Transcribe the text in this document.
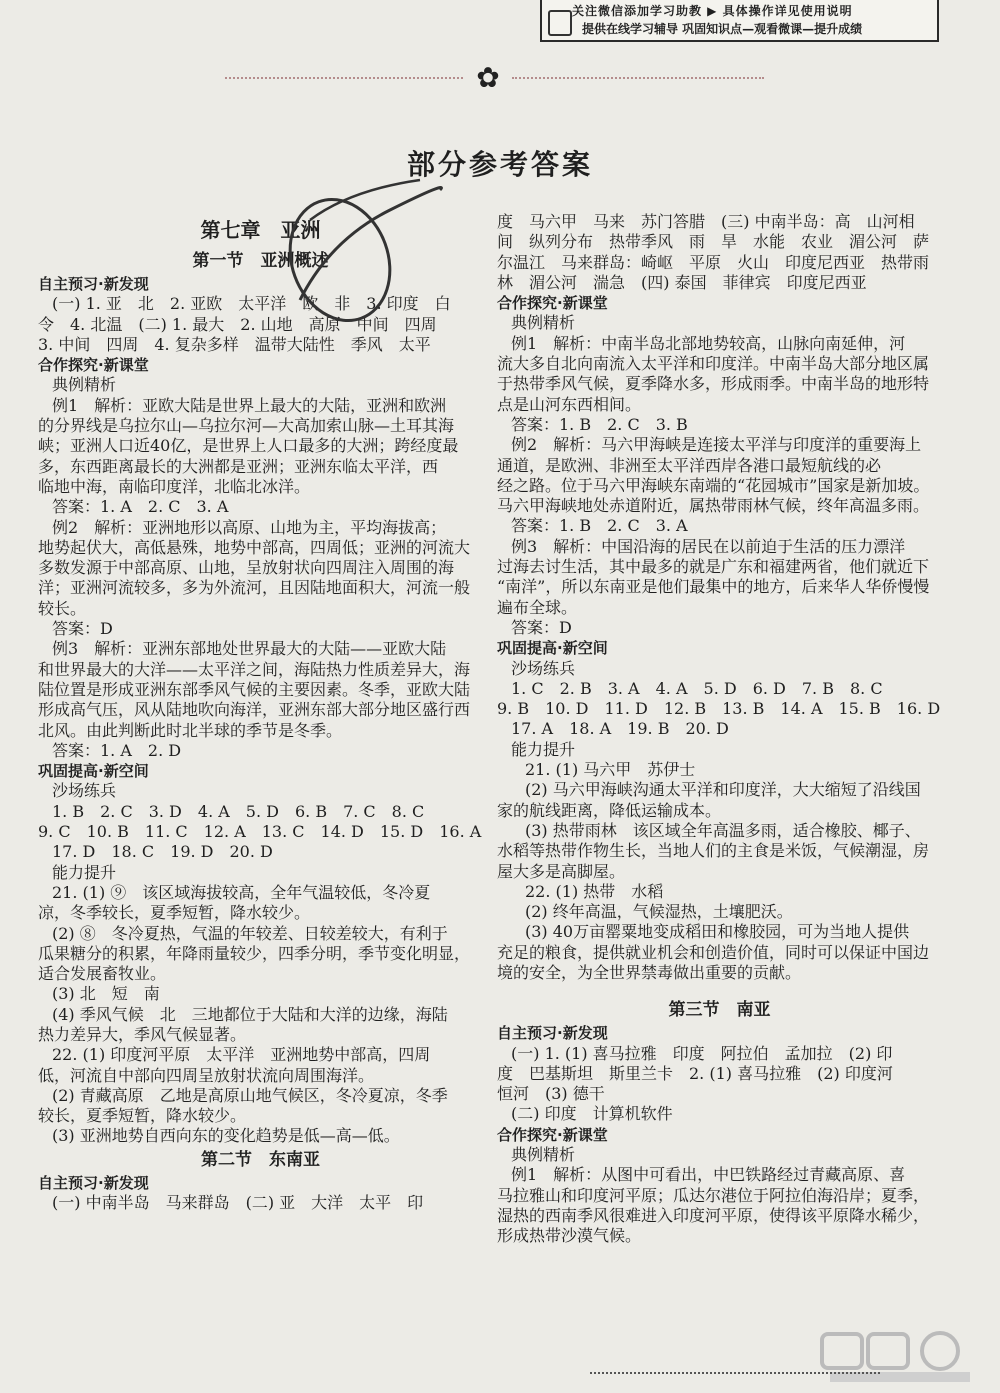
关注微信添加学习助教 ▶ 具体操作详见使用说明
提供在线学习辅导 巩固知识点—观看微课—提升成绩
✿
部分参考答案
第七章　亚洲
第一节　亚洲概述
自主预习·新发现
(一) 1. 亚　北　2. 亚欧　太平洋　欧　非　3. 印度　白
令　4. 北温　(二) 1. 最大　2. 山地　高原　中间　四周
3. 中间　四周　4. 复杂多样　温带大陆性　季风　太平
合作探究·新课堂
典例精析
例1　解析：亚欧大陆是世界上最大的大陆，亚洲和欧洲
的分界线是乌拉尔山—乌拉尔河—大高加索山脉—土耳其海
峡；亚洲人口近40亿，是世界上人口最多的大洲；跨经度最
多，东西距离最长的大洲都是亚洲；亚洲东临太平洋，西
临地中海，南临印度洋，北临北冰洋。
答案：1. A　2. C　3. A
例2　解析：亚洲地形以高原、山地为主，平均海拔高；
地势起伏大，高低悬殊，地势中部高，四周低；亚洲的河流大
多数发源于中部高原、山地，呈放射状向四周注入周围的海
洋；亚洲河流较多，多为外流河，且因陆地面积大，河流一般
较长。
答案：D
例3　解析：亚洲东部地处世界最大的大陆——亚欧大陆
和世界最大的大洋——太平洋之间，海陆热力性质差异大，海
陆位置是形成亚洲东部季风气候的主要因素。冬季，亚欧大陆
形成高气压，风从陆地吹向海洋，亚洲东部大部分地区盛行西
北风。由此判断此时北半球的季节是冬季。
答案：1. A　2. D
巩固提高·新空间
沙场练兵
1. B　2. C　3. D　4. A　5. D　6. B　7. C　8. C
9. C　10. B　11. C　12. A　13. C　14. D　15. D　16. A
17. D　18. C　19. D　20. D
能力提升
21. (1) ⑨　该区域海拔较高，全年气温较低，冬冷夏
凉，冬季较长，夏季短暂，降水较少。
(2) ⑧　冬冷夏热，气温的年较差、日较差较大，有利于
瓜果糖分的积累，年降雨量较少，四季分明，季节变化明显，
适合发展畜牧业。
(3) 北　短　南
(4) 季风气候　北　三地都位于大陆和大洋的边缘，海陆
热力差异大，季风气候显著。
22. (1) 印度河平原　太平洋　亚洲地势中部高，四周
低，河流自中部向四周呈放射状流向周围海洋。
(2) 青藏高原　乙地是高原山地气候区，冬冷夏凉，冬季
较长，夏季短暂，降水较少。
(3) 亚洲地势自西向东的变化趋势是低—高—低。
第二节　东南亚
自主预习·新发现
(一) 中南半岛　马来群岛　(二) 亚　大洋　太平　印
度　马六甲　马来　苏门答腊　(三) 中南半岛：高　山河相
间　纵列分布　热带季风　雨　旱　水能　农业　湄公河　萨
尔温江　马来群岛：崎岖　平原　火山　印度尼西亚　热带雨
林　湄公河　湍急　(四) 泰国　菲律宾　印度尼西亚
合作探究·新课堂
典例精析
例1　解析：中南半岛北部地势较高，山脉向南延伸，河
流大多自北向南流入太平洋和印度洋。中南半岛大部分地区属
于热带季风气候，夏季降水多，形成雨季。中南半岛的地形特
点是山河东西相间。
答案：1. B　2. C　3. B
例2　解析：马六甲海峡是连接太平洋与印度洋的重要海上
通道，是欧洲、非洲至太平洋西岸各港口最短航线的必
经之路。位于马六甲海峡东南端的“花园城市”国家是新加坡。
马六甲海峡地处赤道附近，属热带雨林气候，终年高温多雨。
答案：1. B　2. C　3. A
例3　解析：中国沿海的居民在以前迫于生活的压力漂洋
过海去讨生活，其中最多的就是广东和福建两省，他们就近下
“南洋”，所以东南亚是他们最集中的地方，后来华人华侨慢慢
遍布全球。
答案：D
巩固提高·新空间
沙场练兵
1. C　2. B　3. A　4. A　5. D　6. D　7. B　8. C
9. B　10. D　11. D　12. B　13. B　14. A　15. B　16. D
17. A　18. A　19. B　20. D
能力提升
21. (1) 马六甲　苏伊士
(2) 马六甲海峡沟通太平洋和印度洋，大大缩短了沿线国
家的航线距离，降低运输成本。
(3) 热带雨林　该区域全年高温多雨，适合橡胶、椰子、
水稻等热带作物生长，当地人们的主食是米饭，气候潮湿，房
屋大多是高脚屋。
22. (1) 热带　水稻
(2) 终年高温，气候湿热，土壤肥沃。
(3) 40万亩罂粟地变成稻田和橡胶园，可为当地人提供
充足的粮食，提供就业机会和创造价值，同时可以保证中国边
境的安全，为全世界禁毒做出重要的贡献。
第三节　南亚
自主预习·新发现
(一) 1. (1) 喜马拉雅　印度　阿拉伯　孟加拉　(2) 印
度　巴基斯坦　斯里兰卡　2. (1) 喜马拉雅　(2) 印度河
恒河　(3) 德干
(二) 印度　计算机软件
合作探究·新课堂
典例精析
例1　解析：从图中可看出，中巴铁路经过青藏高原、喜
马拉雅山和印度河平原；瓜达尔港位于阿拉伯海沿岸；夏季，
湿热的西南季风很难进入印度河平原，使得该平原降水稀少，
形成热带沙漠气候。
